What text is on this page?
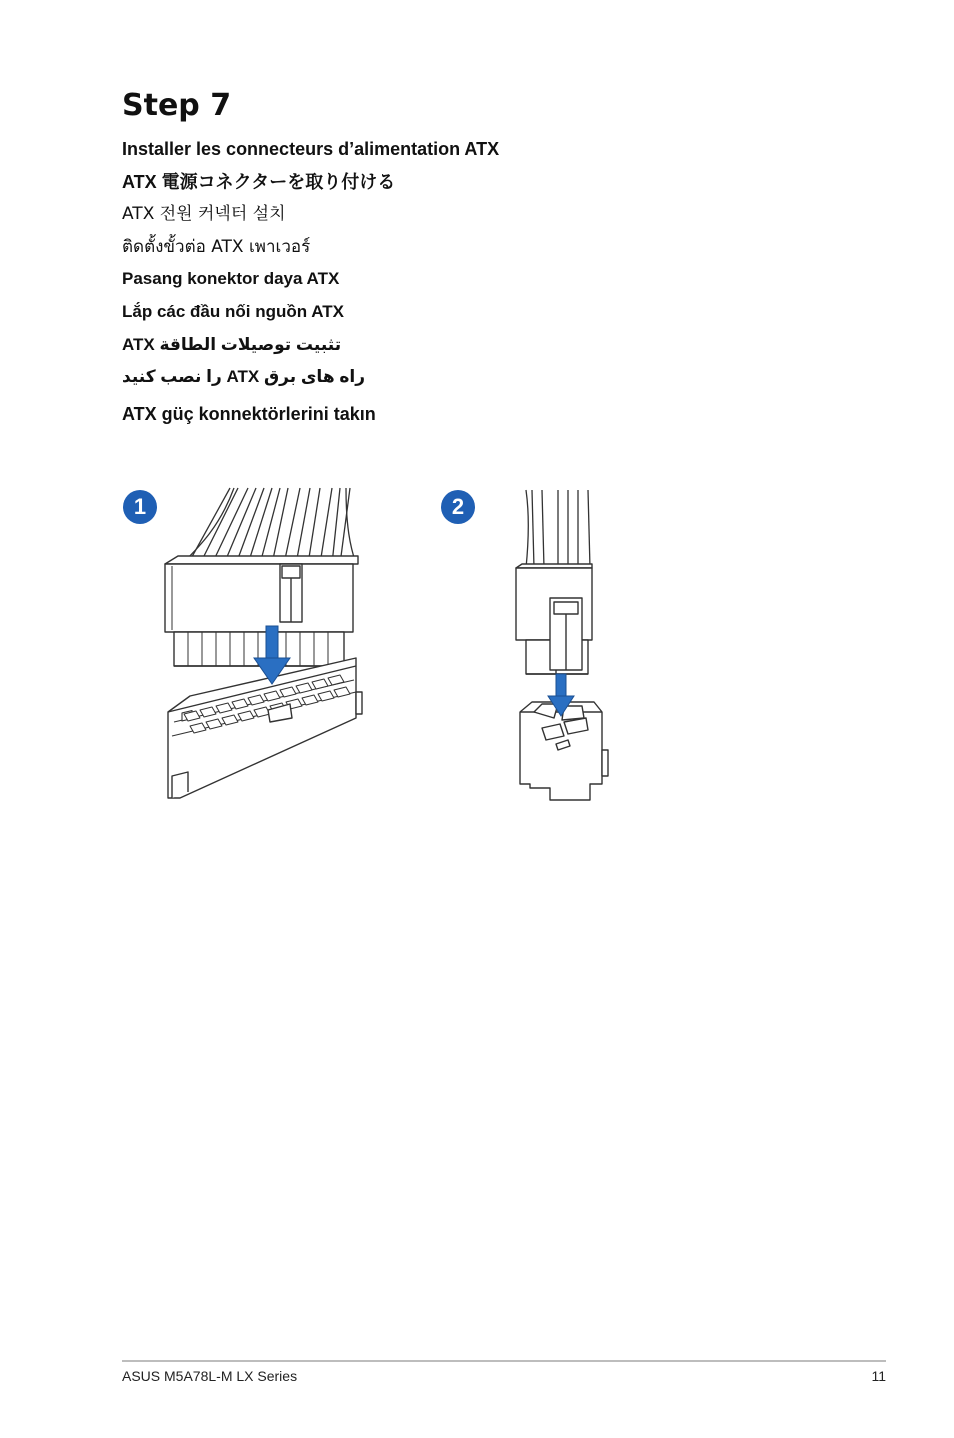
Step 7
Installer les connecteurs d’alimentation ATX
ATX 電源コネクターを取り付ける
ATX 전원 커넥터 설치
ติดตั้งขั้วต่อ ATX เพาเวอร์
Pasang konektor daya ATX
Lắp các đầu nối nguồn ATX
ATX تثبيت توصيلات الطاقة
راه های برق ATX را نصب کنید
ATX güç konnektörlerini takın
1	2
ASUS M5A78L-M LX Series	11
